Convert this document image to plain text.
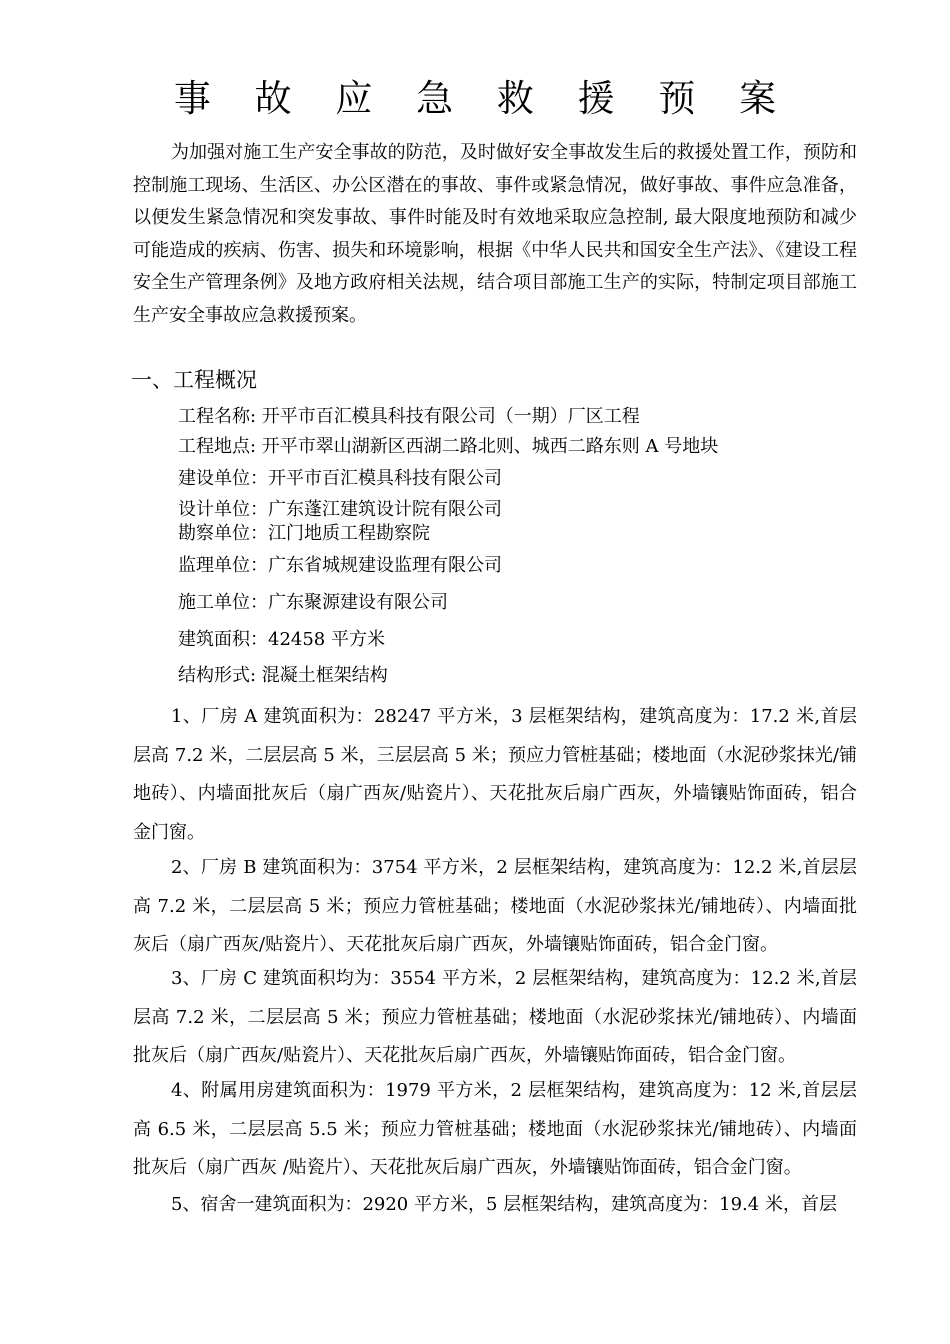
事 故 应 急 救 援 预 案

为加强对施工生产安全事故的防范，及时做好安全事故发生后的救援处置工作，预防和控制施工现场、生活区、办公区潜在的事故、事件或紧急情况，做好事故、事件应急准备，以便发生紧急情况和突发事故、事件时能及时有效地采取应急控制, 最大限度地预防和减少可能造成的疾病、伤害、损失和环境影响，根据《中华人民共和国安全生产法》、《建设工程安全生产管理条例》及地方政府相关法规，结合项目部施工生产的实际，特制定项目部施工生产安全事故应急救援预案。

一、工程概况

工程名称: 开平市百汇模具科技有限公司（一期）厂区工程

工程地点: 开平市翠山湖新区西湖二路北则、城西二路东则 A 号地块

建设单位：开平市百汇模具科技有限公司

设计单位：广东蓬江建筑设计院有限公司

勘察单位：江门地质工程勘察院

监理单位：广东省城规建设监理有限公司

施工单位：广东聚源建设有限公司

建筑面积：42458 平方米

结构形式: 混凝土框架结构

1、厂房 A 建筑面积为：28247 平方米，3 层框架结构，建筑高度为：17.2 米,首层层高 7.2 米，二层层高 5 米，三层层高 5 米；预应力管桩基础；楼地面（水泥砂浆抹光/铺地砖）、内墙面批灰后（扇广西灰/贴瓷片）、天花批灰后扇广西灰，外墙镶贴饰面砖，铝合金门窗。

2、厂房 B 建筑面积为：3754 平方米，2 层框架结构，建筑高度为：12.2 米,首层层高 7.2 米，二层层高 5 米；预应力管桩基础；楼地面（水泥砂浆抹光/铺地砖）、内墙面批灰后（扇广西灰/贴瓷片）、天花批灰后扇广西灰，外墙镶贴饰面砖，铝合金门窗。

3、厂房 C 建筑面积均为：3554 平方米，2 层框架结构，建筑高度为：12.2 米,首层层高 7.2 米，二层层高 5 米；预应力管桩基础；楼地面（水泥砂浆抹光/铺地砖）、内墙面批灰后（扇广西灰/贴瓷片）、天花批灰后扇广西灰，外墙镶贴饰面砖，铝合金门窗。

4、附属用房建筑面积为：1979 平方米，2 层框架结构，建筑高度为：12 米,首层层高 6.5 米，二层层高 5.5 米；预应力管桩基础；楼地面（水泥砂浆抹光/铺地砖）、内墙面批灰后（扇广西灰 /贴瓷片）、天花批灰后扇广西灰，外墙镶贴饰面砖，铝合金门窗。

5、宿舍一建筑面积为：2920 平方米，5 层框架结构，建筑高度为：19.4 米，首层
